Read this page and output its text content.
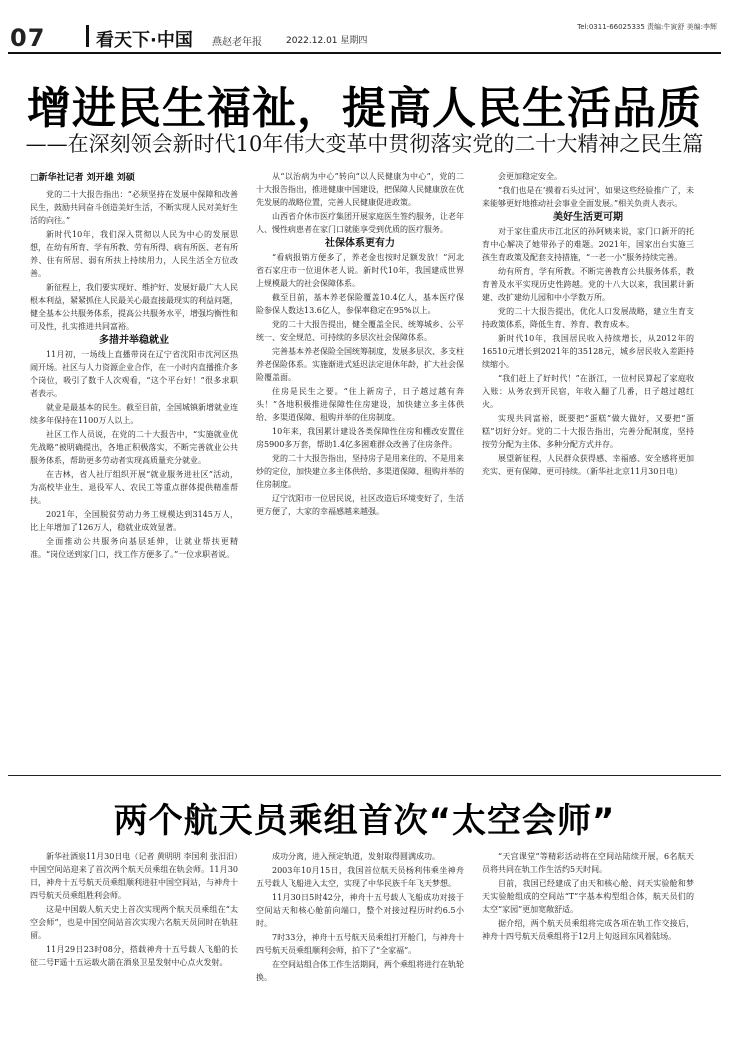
07	看天下·中国 燕赵老年报	2022.12.01 星期四
Tel:0311-66025335 责编:牛寅舒 美编:李辉
增进民生福祉，提高人民生活品质
——在深刻领会新时代10年伟大变革中贯彻落实党的二十大精神之民生篇
□新华社记者 刘开雄 刘硕

党的二十大报告指出：“必须坚持在发展中保障和改善民生，鼓励共同奋斗创造美好生活，不断实现人民对美好生活的向往。”

新时代10年，我们深入贯彻以人民为中心的发展思想，在幼有所育、学有所教、劳有所得、病有所医、老有所养、住有所居、弱有所扶上持续用力，人民生活全方位改善。

新征程上，我们要实现好、维护好、发展好最广大人民根本利益，紧紧抓住人民最关心最直接最现实的利益问题，健全基本公共服务体系，提高公共服务水平，增强均衡性和可及性，扎实推进共同富裕。

多措并举稳就业

11月初，一场线上直播带岗在辽宁省沈阳市沈河区热闹开场。社区与人力资源企业合作，在一小时内直播推介多个岗位，吸引了数千人次观看，“这个平台好！”很多求职者表示。

就业是最基本的民生。截至目前，全国城镇新增就业连续多年保持在1100万人以上。

社区工作人员说，在党的二十大报告中，“实施就业优先战略”被明确提出，各地正积极落实，不断完善就业公共服务体系，帮助更多劳动者实现高质量充分就业。

在吉林，省人社厅组织开展“就业服务进社区”活动，为高校毕业生、退役军人、农民工等重点群体提供精准帮扶。

2021年，全国脱贫劳动力务工规模达到3145万人，比上年增加了126万人，稳就业成效显著。

全面推动公共服务向基层延伸，让就业帮扶更精准。“岗位送到家门口，找工作方便多了。”一位求职者说。

从“以治病为中心”转向“以人民健康为中心”，党的二十大报告指出，推进健康中国建设，把保障人民健康放在优先发展的战略位置，完善人民健康促进政策。

山西省介休市医疗集团开展家庭医生签约服务，让老年人、慢性病患者在家门口就能享受到优质的医疗服务。

社保体系更有力

“看病报销方便多了，养老金也按时足额发放！”河北省石家庄市一位退休老人说。新时代10年，我国建成世界上规模最大的社会保障体系。

截至目前，基本养老保险覆盖10.4亿人，基本医疗保险参保人数达13.6亿人，参保率稳定在95%以上。

党的二十大报告提出，健全覆盖全民、统筹城乡、公平统一、安全规范、可持续的多层次社会保障体系。

完善基本养老保险全国统筹制度，发展多层次、多支柱养老保险体系。实施渐进式延迟法定退休年龄，扩大社会保险覆盖面。

住房是民生之要。“住上新房子，日子越过越有奔头！”各地积极推进保障性住房建设，加快建立多主体供给、多渠道保障、租购并举的住房制度。

10年来，我国累计建设各类保障性住房和棚改安置住房5900多万套，帮助1.4亿多困难群众改善了住房条件。

党的二十大报告指出，坚持房子是用来住的、不是用来炒的定位，加快建立多主体供给、多渠道保障、租购并举的住房制度。

辽宁沈阳市一位居民说，社区改造后环境变好了，生活更方便了，大家的幸福感越来越强。

会更加稳定安全。

“我们也是在‘摸着石头过河’，如果这些经验推广了，未来能够更好地推动社会事业全面发展。”相关负责人表示。

美好生活更可期

对于家住重庆市江北区的孙阿姨来说，家门口新开的托育中心解决了她带孙子的难题。2021年，国家出台实施三孩生育政策及配套支持措施，“一老一小”服务持续完善。

幼有所育，学有所教。不断完善教育公共服务体系，教育普及水平实现历史性跨越。党的十八大以来，我国累计新建、改扩建幼儿园和中小学数万所。

党的二十大报告提出，优化人口发展战略，建立生育支持政策体系，降低生育、养育、教育成本。

新时代10年，我国居民收入持续增长，从2012年的16510元增长到2021年的35128元，城乡居民收入差距持续缩小。

“我们赶上了好时代！”在浙江，一位村民算起了家庭收入账：从务农到开民宿，年收入翻了几番，日子越过越红火。

实现共同富裕，既要把“蛋糕”做大做好，又要把“蛋糕”切好分好。党的二十大报告指出，完善分配制度，坚持按劳分配为主体、多种分配方式并存。

展望新征程，人民群众获得感、幸福感、安全感将更加充实、更有保障、更可持续。（新华社北京11月30日电）

两个航天员乘组首次“太空会师”

新华社酒泉11月30日电（记者 黄明明 李国利 张汨汨）中国空间站迎来了首次两个航天员乘组在轨会师。11月30日，神舟十五号航天员乘组顺利进驻中国空间站，与神舟十四号航天员乘组胜利会师。

这是中国载人航天史上首次实现两个航天员乘组在“太空会师”，也是中国空间站首次实现六名航天员同时在轨驻留。

11月29日23时08分，搭载神舟十五号载人飞船的长征二号F遥十五运载火箭在酒泉卫星发射中心点火发射。

成功分离，进入预定轨道，发射取得圆满成功。

2003年10月15日，我国首位航天员杨利伟乘坐神舟五号载人飞船进入太空，实现了中华民族千年飞天梦想。

11月30日5时42分，神舟十五号载人飞船成功对接于空间站天和核心舱前向端口，整个对接过程历时约6.5小时。

7时33分，神舟十五号航天员乘组打开舱门，与神舟十四号航天员乘组顺利会师，拍下了“全家福”。

在空间站组合体工作生活期间，两个乘组将进行在轨轮换。

“天宫课堂”等精彩活动将在空间站陆续开展，6名航天员将共同在轨工作生活约5天时间。

目前，我国已经建成了由天和核心舱、问天实验舱和梦天实验舱组成的空间站“T”字基本构型组合体，航天员们的太空“家园”更加宽敞舒适。

据介绍，两个航天员乘组将完成各项在轨工作交接后，神舟十四号航天员乘组将于12月上旬返回东风着陆场。
